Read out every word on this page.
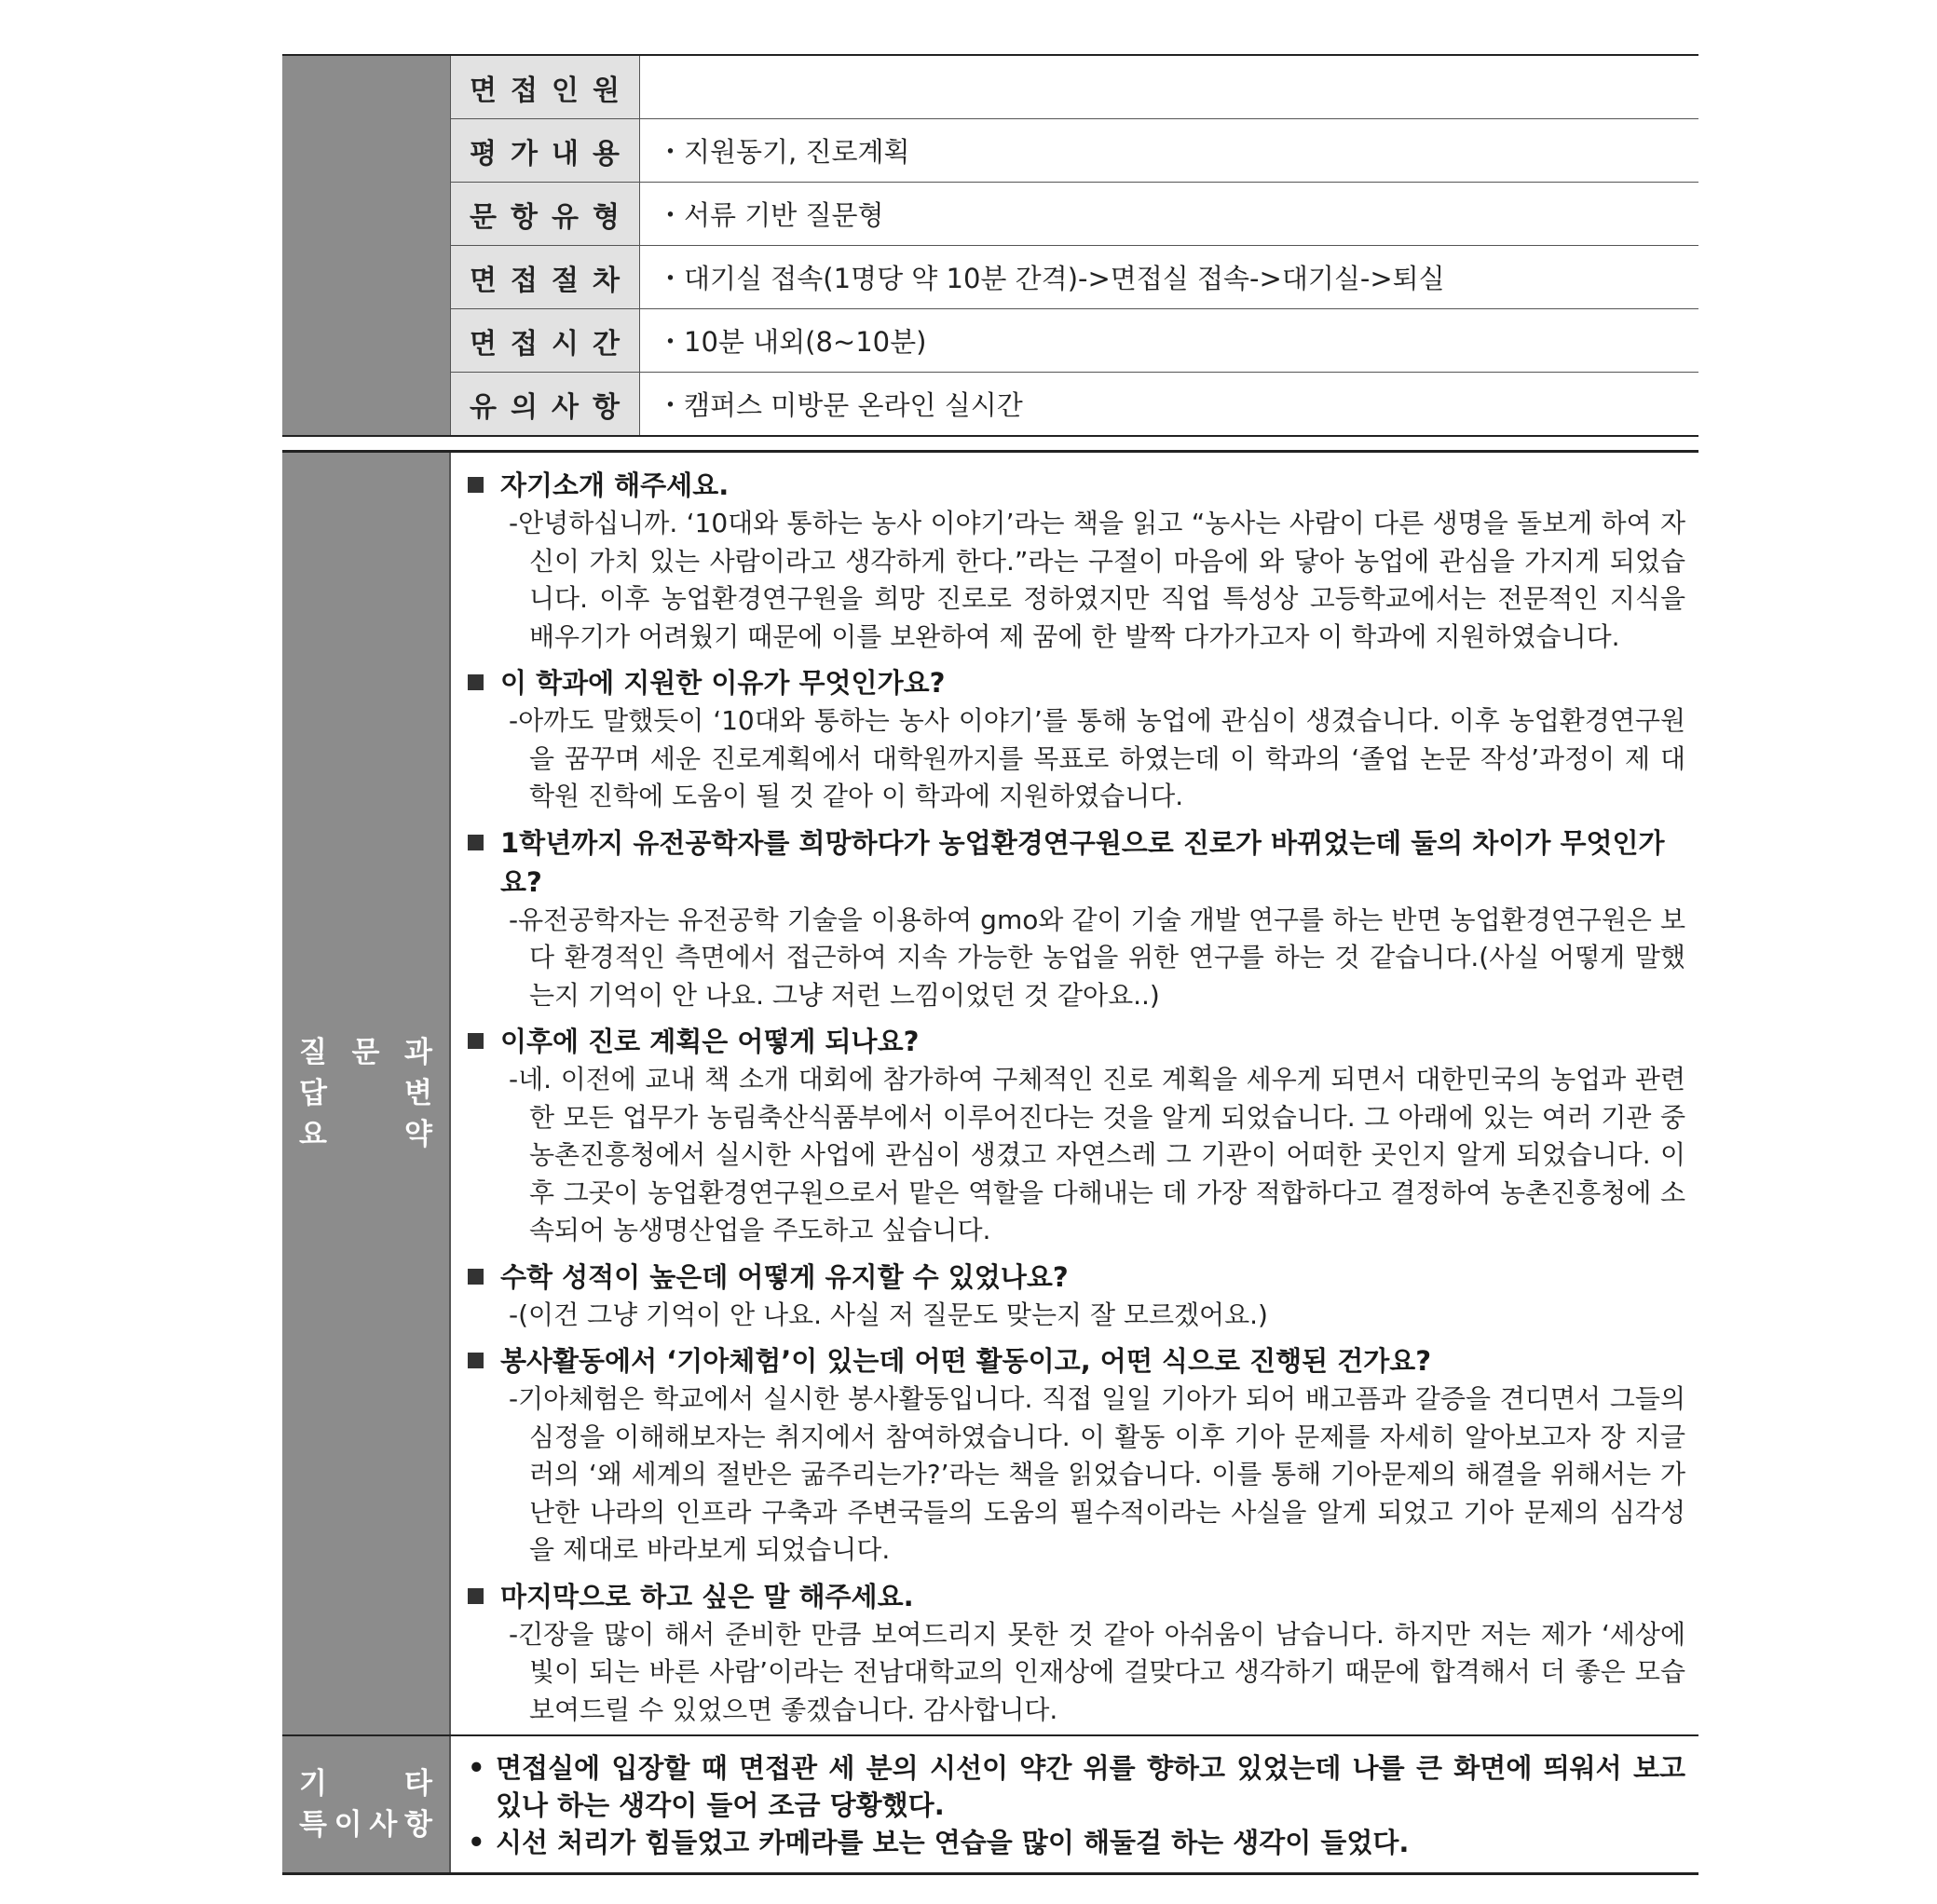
면접인원
평가내용 ・지원동기, 진로계획
문항유형 ・서류 기반 질문형
면접절차 ・대기실 접속(1명당 약 10분 간격)->면접실 접속->대기실->퇴실
면접시간 ・10분 내외(8~10분)
유의사항 ・캠퍼스 미방문 온라인 실시간
질 문 과
답	변
요	약
자기소개 해주세요.
-안녕하십니까. ‘10대와 통하는 농사 이야기’라는 책을 읽고 “농사는 사람이 다른 생명을 돌보게 하여 자신이 가치 있는 사람이라고 생각하게 한다.”라는 구절이 마음에 와 닿아 농업에 관심을 가지게 되었습니다. 이후 농업환경연구원을 희망 진로로 정하였지만 직업 특성상 고등학교에서는 전문적인 지식을 배우기가 어려웠기 때문에 이를 보완하여 제 꿈에 한 발짝 다가가고자 이 학과에 지원하였습니다.
이 학과에 지원한 이유가 무엇인가요?
-아까도 말했듯이 ‘10대와 통하는 농사 이야기’를 통해 농업에 관심이 생겼습니다. 이후 농업환경연구원을 꿈꾸며 세운 진로계획에서 대학원까지를 목표로 하였는데 이 학과의 ‘졸업 논문 작성’과정이 제 대학원 진학에 도움이 될 것 같아 이 학과에 지원하였습니다.
1학년까지 유전공학자를 희망하다가 농업환경연구원으로 진로가 바뀌었는데 둘의 차이가 무엇인가요?
-유전공학자는 유전공학 기술을 이용하여 gmo와 같이 기술 개발 연구를 하는 반면 농업환경연구원은 보다 환경적인 측면에서 접근하여 지속 가능한 농업을 위한 연구를 하는 것 같습니다.(사실 어떻게 말했는지 기억이 안 나요. 그냥 저런 느낌이었던 것 같아요..)
이후에 진로 계획은 어떻게 되나요?
-네. 이전에 교내 책 소개 대회에 참가하여 구체적인 진로 계획을 세우게 되면서 대한민국의 농업과 관련한 모든 업무가 농림축산식품부에서 이루어진다는 것을 알게 되었습니다. 그 아래에 있는 여러 기관 중 농촌진흥청에서 실시한 사업에 관심이 생겼고 자연스레 그 기관이 어떠한 곳인지 알게 되었습니다. 이후 그곳이 농업환경연구원으로서 맡은 역할을 다해내는 데 가장 적합하다고 결정하여 농촌진흥청에 소속되어 농생명산업을 주도하고 싶습니다.
수학 성적이 높은데 어떻게 유지할 수 있었나요?
-(이건 그냥 기억이 안 나요. 사실 저 질문도 맞는지 잘 모르겠어요.)
봉사활동에서 ‘기아체험’이 있는데 어떤 활동이고, 어떤 식으로 진행된 건가요?
-기아체험은 학교에서 실시한 봉사활동입니다. 직접 일일 기아가 되어 배고픔과 갈증을 견디면서 그들의 심정을 이해해보자는 취지에서 참여하였습니다. 이 활동 이후 기아 문제를 자세히 알아보고자 장 지글러의 ‘왜 세계의 절반은 굶주리는가?’라는 책을 읽었습니다. 이를 통해 기아문제의 해결을 위해서는 가난한 나라의 인프라 구축과 주변국들의 도움의 필수적이라는 사실을 알게 되었고 기아 문제의 심각성을 제대로 바라보게 되었습니다.
마지막으로 하고 싶은 말 해주세요.
-긴장을 많이 해서 준비한 만큼 보여드리지 못한 것 같아 아쉬움이 남습니다. 하지만 저는 제가 ‘세상에 빛이 되는 바른 사람’이라는 전남대학교의 인재상에 걸맞다고 생각하기 때문에 합격해서 더 좋은 모습 보여드릴 수 있었으면 좋겠습니다. 감사합니다.
기	타
특 이 사 항
• 면접실에 입장할 때 면접관 세 분의 시선이 약간 위를 향하고 있었는데 나를 큰 화면에 띄워서 보고 있나 하는 생각이 들어 조금 당황했다.
• 시선 처리가 힘들었고 카메라를 보는 연습을 많이 해둘걸 하는 생각이 들었다.
